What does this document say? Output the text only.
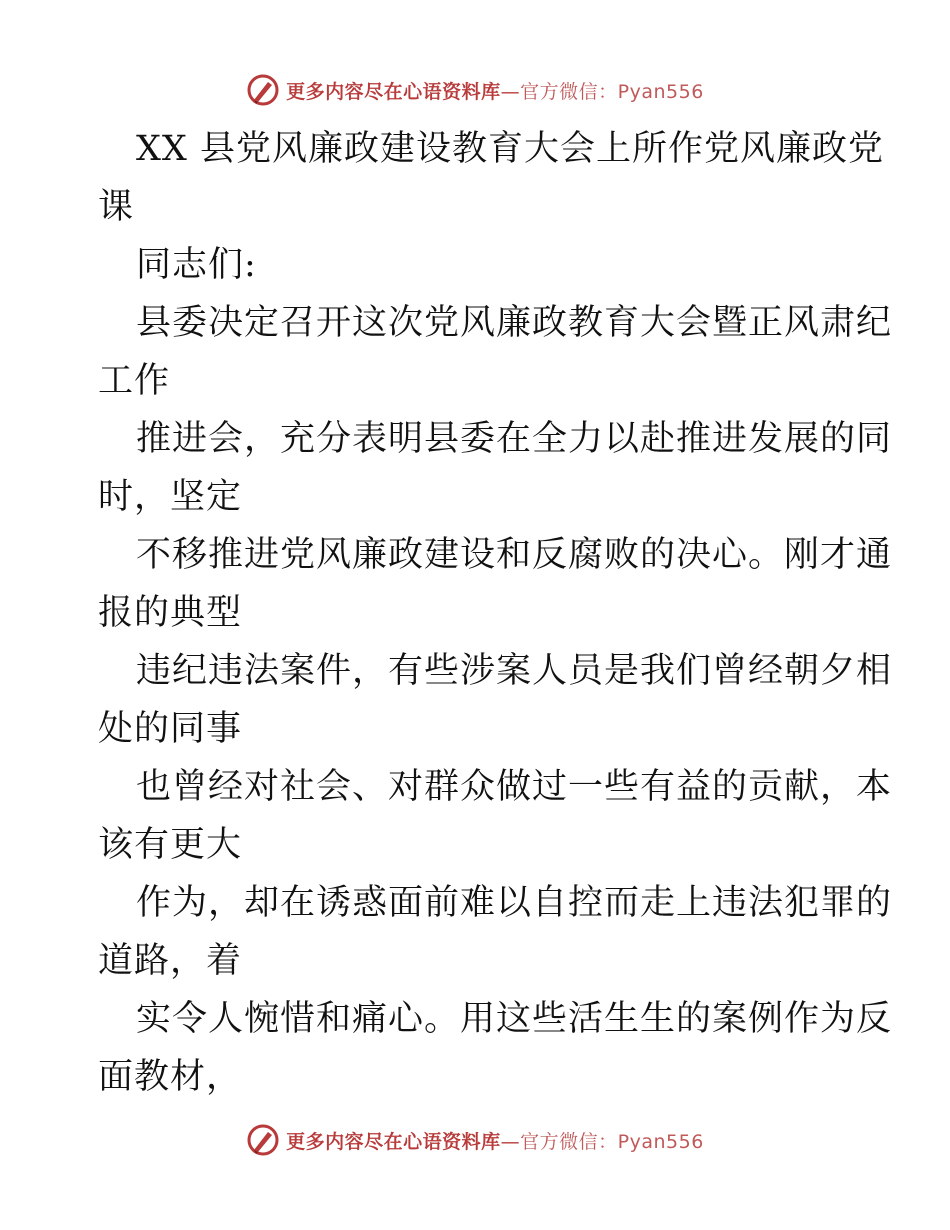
更多内容尽在心语资料库—官方微信：Pyan556
XX 县党风廉政建设教育大会上所作党风廉政党
课
同志们:
县委决定召开这次党风廉政教育大会暨正风肃纪
工作
推进会，充分表明县委在全力以赴推进发展的同
时，坚定
不移推进党风廉政建设和反腐败的决心。刚才通
报的典型
违纪违法案件，有些涉案人员是我们曾经朝夕相
处的同事
也曾经对社会、对群众做过一些有益的贡献，本
该有更大
作为，却在诱惑面前难以自控而走上违法犯罪的
道路，着
实令人惋惜和痛心。用这些活生生的案例作为反
面教材，
更多内容尽在心语资料库—官方微信：Pyan556
